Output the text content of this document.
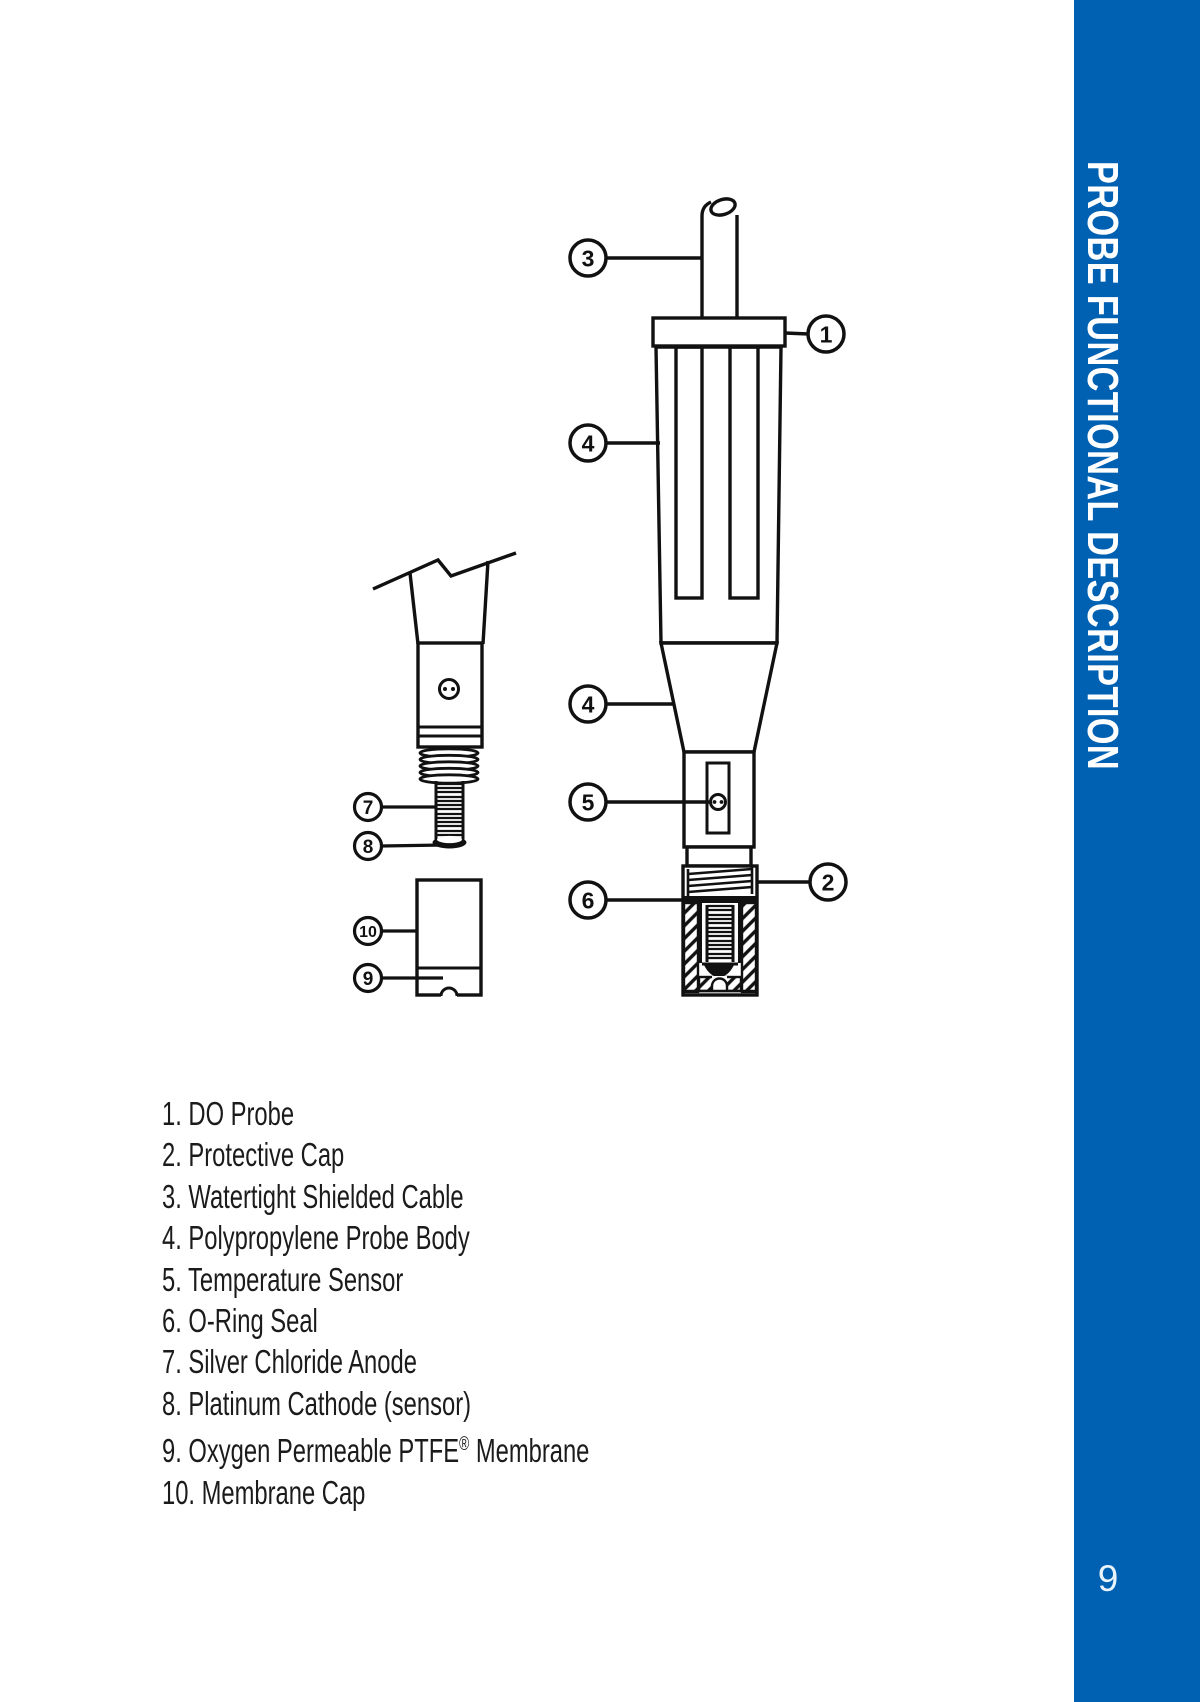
3
1
4
4
5
6
2
7
8
10
9
1. DO Probe
2. Protective Cap
3. Watertight Shielded Cable
4. Polypropylene Probe Body
5. Temperature Sensor
6. O-Ring Seal
7. Silver Chloride Anode
8. Platinum Cathode (sensor)
9. Oxygen Permeable PTFE® Membrane
10. Membrane Cap
PROBE FUNCTIONAL DESCRIPTION
9
